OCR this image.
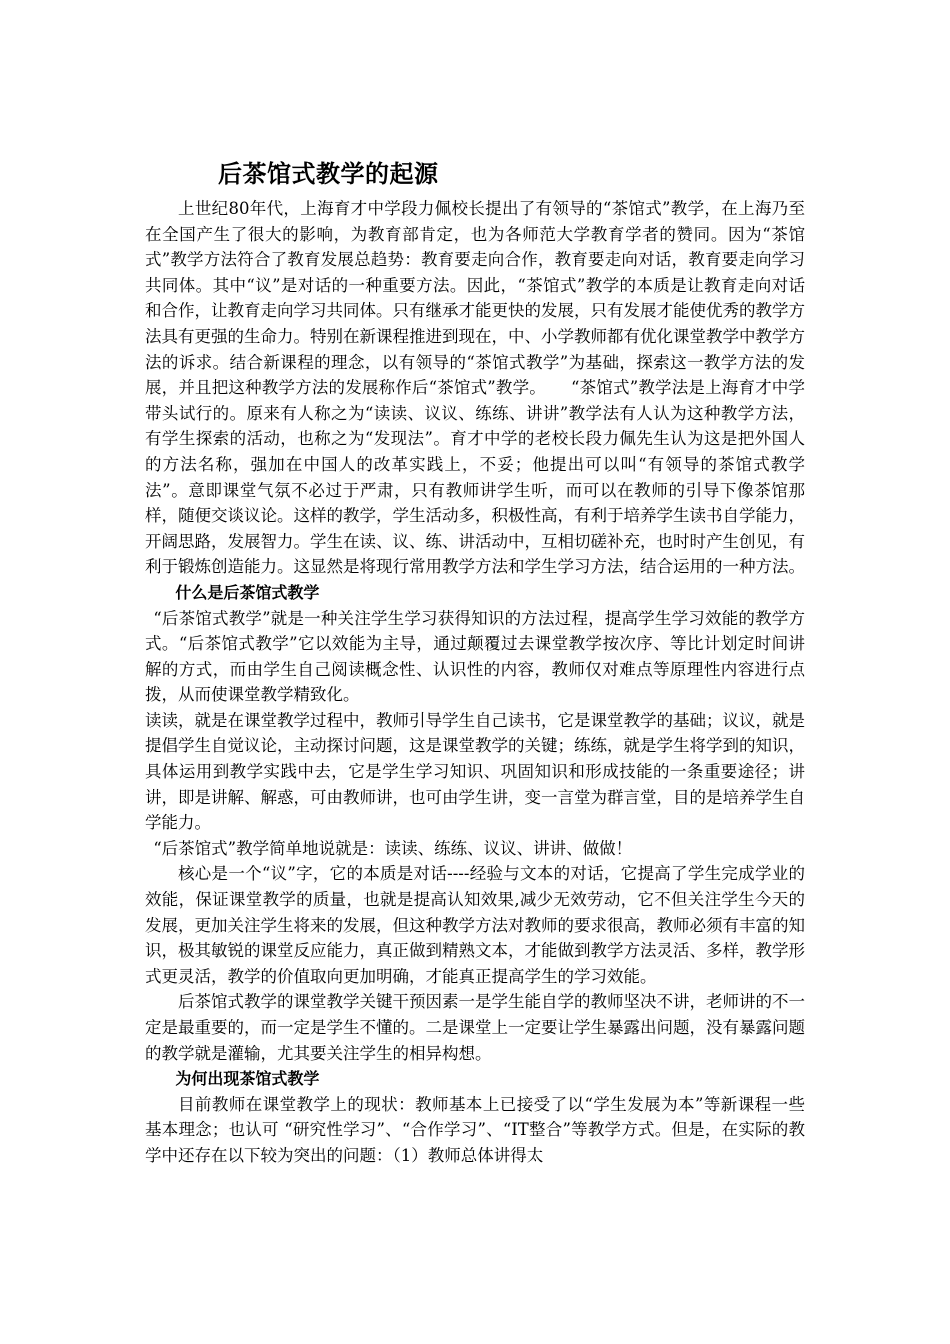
后茶馆式教学的起源

上世纪80年代，上海育才中学段力佩校长提出了有领导的“茶馆式”教学，在上海乃至在全国产生了很大的影响，为教育部肯定，也为各师范大学教育学者的赞同。因为“茶馆式”教学方法符合了教育发展总趋势：教育要走向合作，教育要走向对话，教育要走向学习共同体。其中“议”是对话的一种重要方法。因此，“茶馆式”教学的本质是让教育走向对话和合作，让教育走向学习共同体。只有继承才能更快的发展，只有发展才能使优秀的教学方法具有更强的生命力。特别在新课程推进到现在，中、小学教师都有优化课堂教学中教学方法的诉求。结合新课程的理念，以有领导的“茶馆式教学”为基础，探索这一教学方法的发展，并且把这种教学方法的发展称作后“茶馆式”教学。　　“茶馆式”教学法是上海育才中学带头试行的。原来有人称之为“读读、议议、练练、讲讲”教学法有人认为这种教学方法，有学生探索的活动，也称之为“发现法”。育才中学的老校长段力佩先生认为这是把外国人的方法名称，强加在中国人的改革实践上，不妥；他提出可以叫“有领导的茶馆式教学法”。意即课堂气氛不必过于严肃，只有教师讲学生听，而可以在教师的引导下像茶馆那样，随便交谈议论。这样的教学，学生活动多，积极性高，有利于培养学生读书自学能力，开阔思路，发展智力。学生在读、议、练、讲活动中，互相切磋补充，也时时产生创见，有利于锻炼创造能力。这显然是将现行常用教学方法和学生学习方法，结合运用的一种方法。

什么是后茶馆式教学

“后茶馆式教学”就是一种关注学生学习获得知识的方法过程，提高学生学习效能的教学方式。“后茶馆式教学”它以效能为主导，通过颠覆过去课堂教学按次序、等比计划定时间讲解的方式，而由学生自己阅读概念性、认识性的内容，教师仅对难点等原理性内容进行点拨，从而使课堂教学精致化。

读读，就是在课堂教学过程中，教师引导学生自己读书，它是课堂教学的基础；议议，就是提倡学生自觉议论，主动探讨问题，这是课堂教学的关键；练练，就是学生将学到的知识，具体运用到教学实践中去，它是学生学习知识、巩固知识和形成技能的一条重要途径；讲讲，即是讲解、解惑，可由教师讲，也可由学生讲，变一言堂为群言堂，目的是培养学生自学能力。

“后茶馆式”教学简单地说就是：读读、练练、议议、讲讲、做做！

核心是一个“议”字，它的本质是对话----经验与文本的对话，它提高了学生完成学业的效能，保证课堂教学的质量，也就是提高认知效果,减少无效劳动，它不但关注学生今天的发展，更加关注学生将来的发展，但这种教学方法对教师的要求很高，教师必须有丰富的知识，极其敏锐的课堂反应能力，真正做到精熟文本，才能做到教学方法灵活、多样，教学形式更灵活，教学的价值取向更加明确，才能真正提高学生的学习效能。

后茶馆式教学的课堂教学关键干预因素一是学生能自学的教师坚决不讲，老师讲的不一定是最重要的，而一定是学生不懂的。二是课堂上一定要让学生暴露出问题，没有暴露问题的教学就是灌输，尤其要关注学生的相异构想。

为何出现茶馆式教学

目前教师在课堂教学上的现状：教师基本上已接受了以“学生发展为本”等新课程一些基本理念；也认可 “研究性学习”、“合作学习”、“IT整合”等教学方式。但是，在实际的教学中还存在以下较为突出的问题：（1）教师总体讲得太
